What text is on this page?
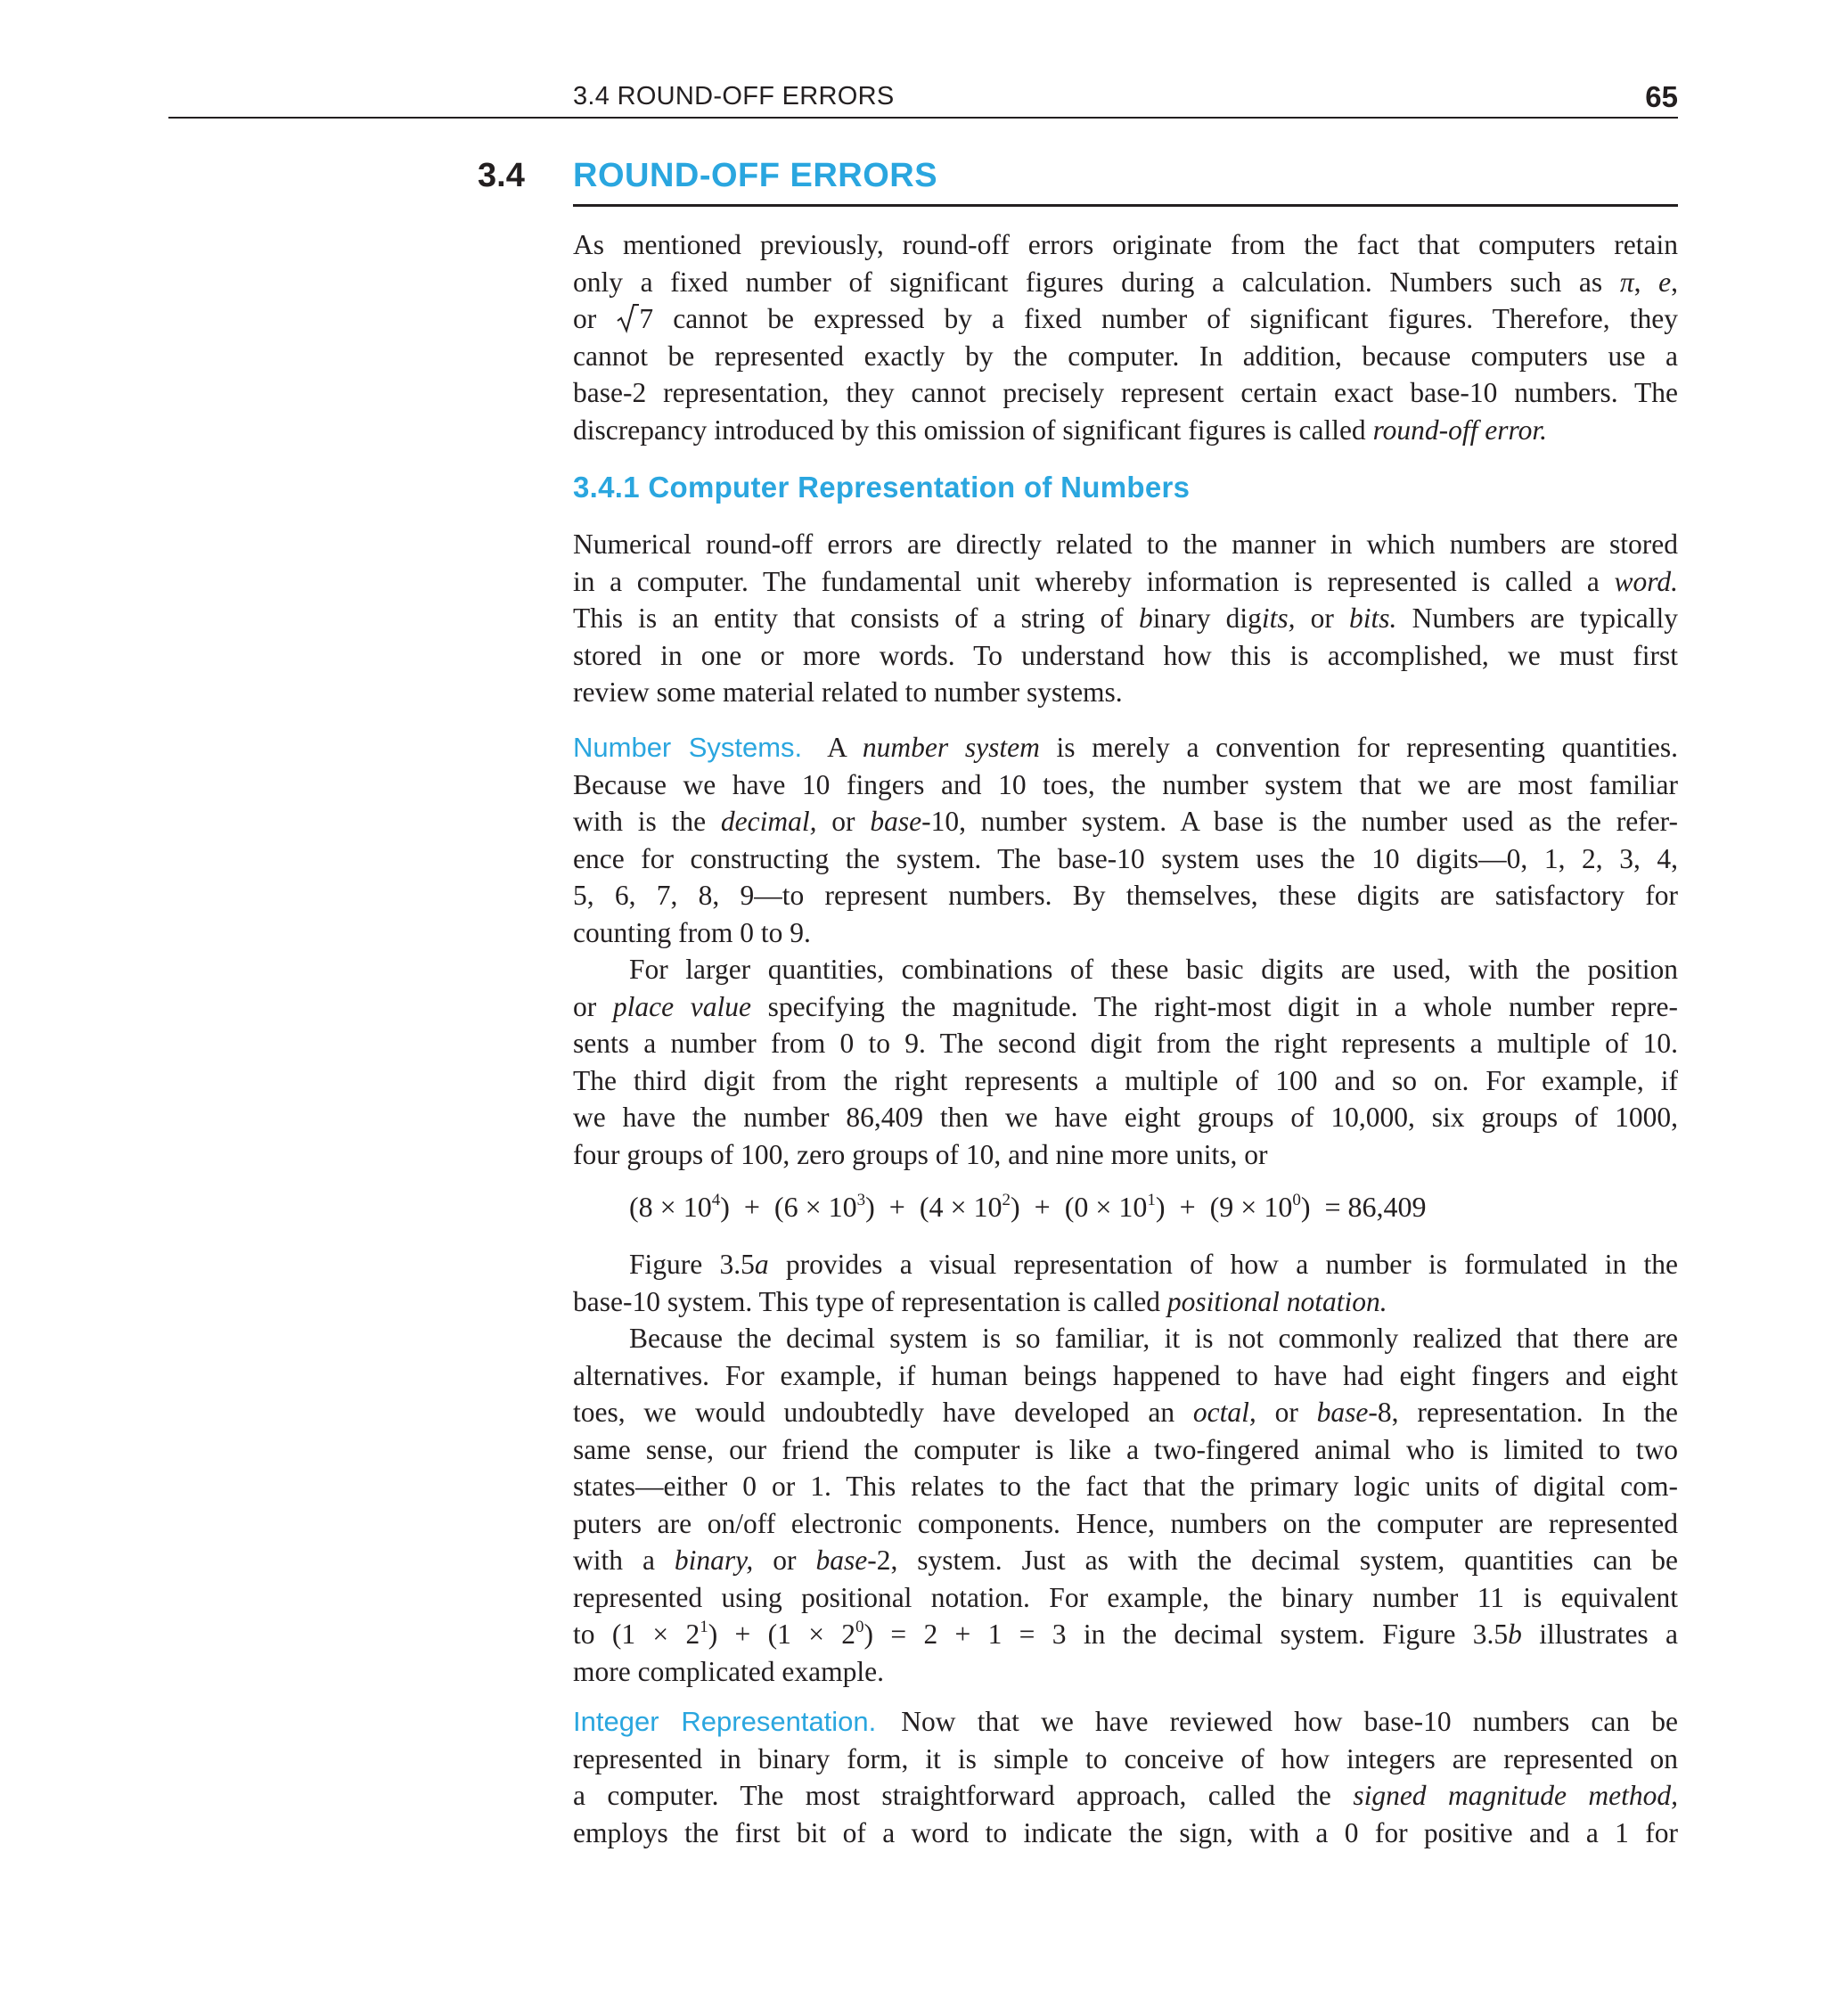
3.4 ROUND-OFF ERRORS	65
3.4 ROUND-OFF ERRORS
As mentioned previously, round-off errors originate from the fact that computers retain
only a fixed number of significant figures during a calculation. Numbers such as π, e,
or 7 cannot be expressed by a fixed number of significant figures. Therefore, they
cannot be represented exactly by the computer. In addition, because computers use a
base-2 representation, they cannot precisely represent certain exact base-10 numbers. The
discrepancy introduced by this omission of significant figures is called round-off error.
3.4.1 Computer Representation of Numbers
Numerical round-off errors are directly related to the manner in which numbers are stored
in a computer. The fundamental unit whereby information is represented is called a word.
This is an entity that consists of a string of binary digits, or bits. Numbers are typically
stored in one or more words. To understand how this is accomplished, we must first
review some material related to number systems.
Number Systems. A number system is merely a convention for representing quantities.
Because we have 10 fingers and 10 toes, the number system that we are most familiar
with is the decimal, or base-10, number system. A base is the number used as the refer-
ence for constructing the system. The base-10 system uses the 10 digits—0, 1, 2, 3, 4,
5, 6, 7, 8, 9—to represent numbers. By themselves, these digits are satisfactory for
counting from 0 to 9.
For larger quantities, combinations of these basic digits are used, with the position
or place value specifying the magnitude. The right-most digit in a whole number repre-
sents a number from 0 to 9. The second digit from the right represents a multiple of 10.
The third digit from the right represents a multiple of 100 and so on. For example, if
we have the number 86,409 then we have eight groups of 10,000, six groups of 1000,
four groups of 100, zero groups of 10, and nine more units, or
$(8 \times 10^4) + (6 \times 10^3) + (4 \times 10^2) + (0 \times 10^1) + (9 \times 10^0) = 86,409$
Figure 3.5a provides a visual representation of how a number is formulated in the
base-10 system. This type of representation is called positional notation.
Because the decimal system is so familiar, it is not commonly realized that there are
alternatives. For example, if human beings happened to have had eight fingers and eight
toes, we would undoubtedly have developed an octal, or base-8, representation. In the
same sense, our friend the computer is like a two-fingered animal who is limited to two
states—either 0 or 1. This relates to the fact that the primary logic units of digital com-
puters are on/off electronic components. Hence, numbers on the computer are represented
with a binary, or base-2, system. Just as with the decimal system, quantities can be
represented using positional notation. For example, the binary number 11 is equivalent
to $(1 \times 2^1) + (1 \times 2^0) = 2 + 1 = 3$ in the decimal system. Figure 3.5b illustrates a
more complicated example.
Integer Representation. Now that we have reviewed how base-10 numbers can be
represented in binary form, it is simple to conceive of how integers are represented on
a computer. The most straightforward approach, called the signed magnitude method,
employs the first bit of a word to indicate the sign, with a 0 for positive and a 1 for
